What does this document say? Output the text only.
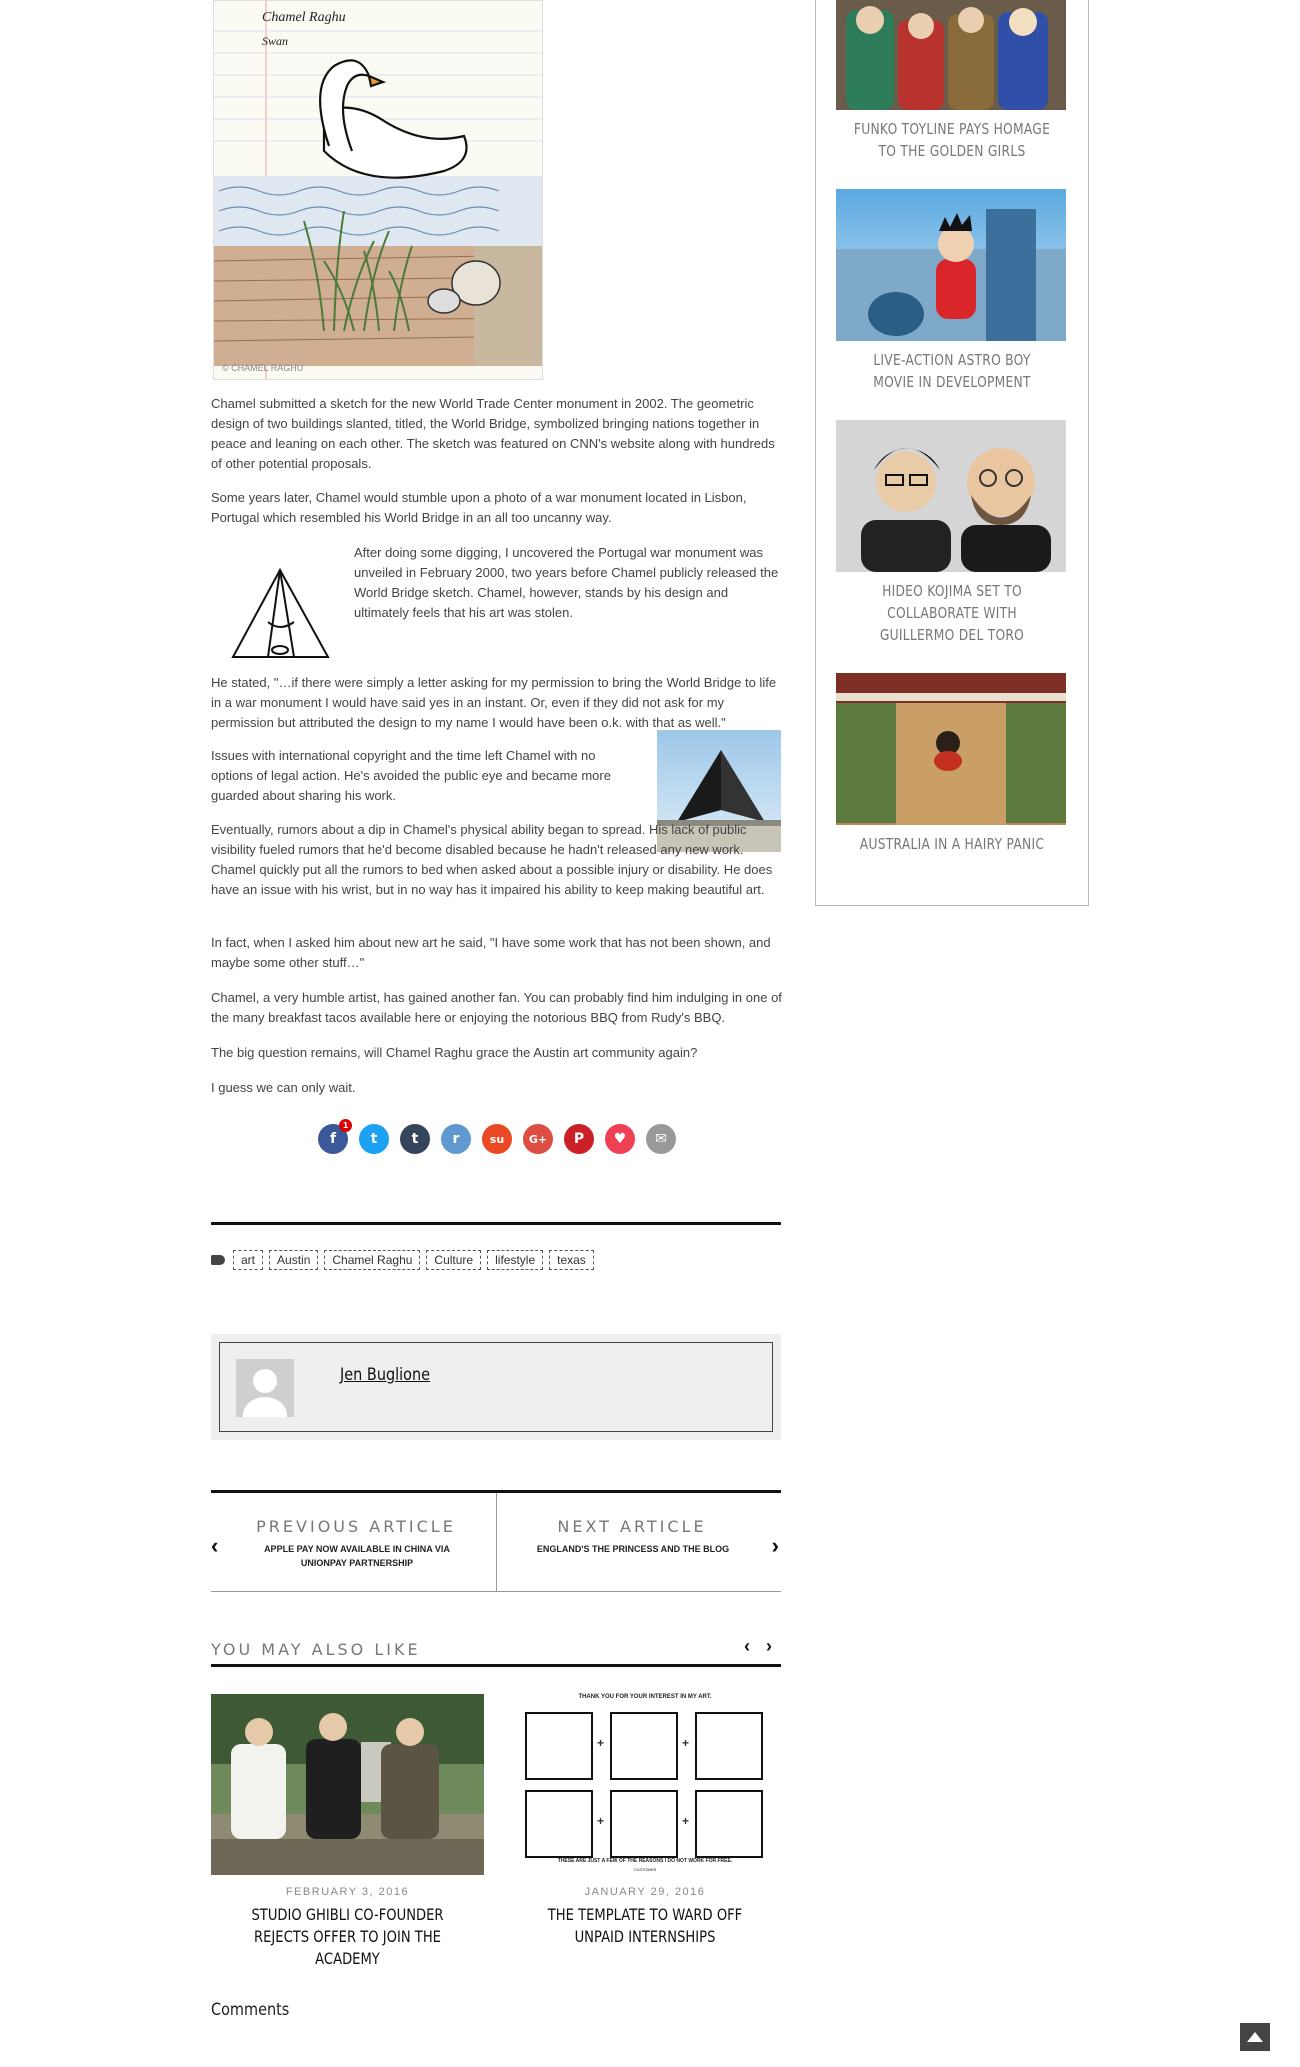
© CHAMEL RAGHU
Chamel Raghu
Swan

Chamel submitted a sketch for the new World Trade Center monument in 2002. The geometric design of two buildings slanted, titled, the World Bridge, symbolized bringing nations together in peace and leaning on each other. The sketch was featured on CNN's website along with hundreds of other potential proposals.

Some years later, Chamel would stumble upon a photo of a war monument located in Lisbon, Portugal which resembled his World Bridge in an all too uncanny way.

After doing some digging, I uncovered the Portugal war monument was unveiled in February 2000, two years before Chamel publicly released the World Bridge sketch. Chamel, however, stands by his design and ultimately feels that his art was stolen.

He stated, "…if there were simply a letter asking for my permission to bring the World Bridge to life in a war monument I would have said yes in an instant. Or, even if they did not ask for my permission but attributed the design to my name I would have been o.k. with that as well."

Issues with international copyright and the time left Chamel with no options of legal action. He's avoided the public eye and became more guarded about sharing his work.

Eventually, rumors about a dip in Chamel's physical ability began to spread. His lack of public visibility fueled rumors that he'd become disabled because he hadn't released any new work. Chamel quickly put all the rumors to bed when asked about a possible injury or disability. He does have an issue with his wrist, but in no way has it impaired his ability to keep making beautiful art.

In fact, when I asked him about new art he said, "I have some work that has not been shown, and maybe some other stuff…"

Chamel, a very humble artist, has gained another fan. You can probably find him indulging in one of the many breakfast tacos available here or enjoying the notorious BBQ from Rudy's BBQ.

The big question remains, will Chamel Raghu grace the Austin art community again?

I guess we can only wait.

f
1
t t r	su G+ P ♥ ✉
art	Austin	Chamel Raghu	Culture	lifestyle	texas
Jen Buglione
‹
PREVIOUS ARTICLE
APPLE PAY NOW AVAILABLE IN CHINA VIA UNIONPAY PARTNERSHIP
NEXT ARTICLE
ENGLAND'S THE PRINCESS AND THE BLOG	›
YOU MAY ALSO LIKE	‹ ›
FEBRUARY 3, 2016
STUDIO GHIBLI CO-FOUNDER REJECTS OFFER TO JOIN THE ACADEMY
THANK YOU FOR YOUR INTEREST IN MY ART.
+	+
+	+
THESE ARE JUST A FEW OF THE REASONS I DO NOT WORK FOR FREE.
CUSTOMER
JANUARY 29, 2016
THE TEMPLATE TO WARD OFF UNPAID INTERNSHIPS
Comments
FUNKO TOYLINE PAYS HOMAGE TO THE GOLDEN GIRLS
LIVE-ACTION ASTRO BOY MOVIE IN DEVELOPMENT
HIDEO KOJIMA SET TO COLLABORATE WITH GUILLERMO DEL TORO
AUSTRALIA IN A HAIRY PANIC
